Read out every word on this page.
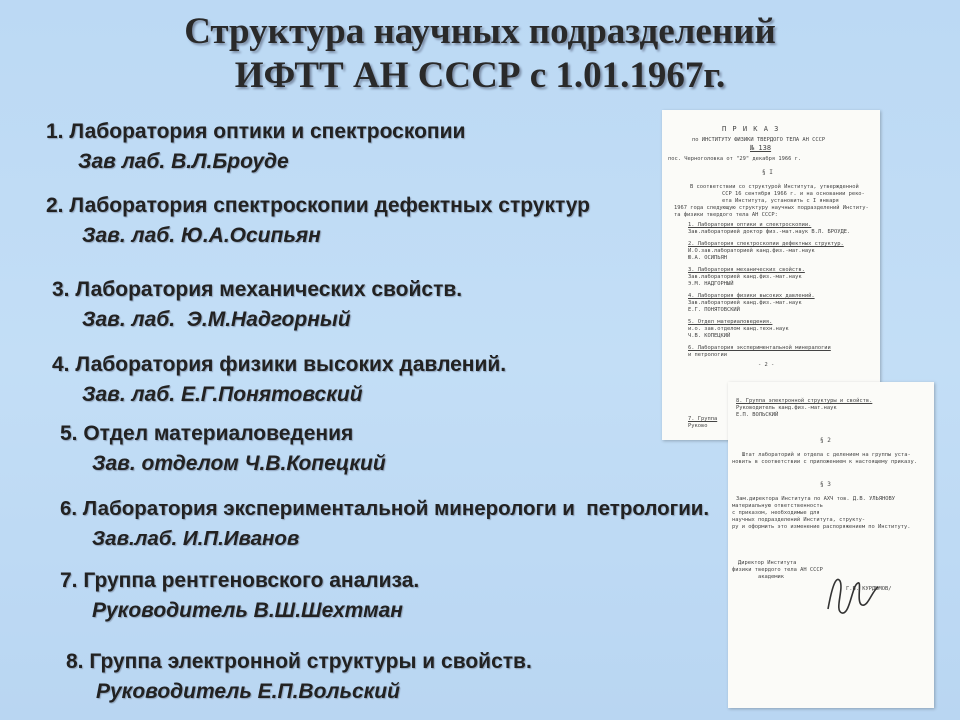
Структура научных подразделений
ИФТТ АН СССР с 1.01.1967г.
П Р И К А З
по ИНСТИТУТУ ФИЗИКИ ТВЕРДОГО ТЕЛА АН СССР
№ 138
пос. Черноголовка от "29" декабря 1966 г.
§ I
В соответствии со структурой Института, утвержденной
ССР 16 сентября 1966 г. и на основании реко-
ета Института, установить с I января
1967 года следующую структуру научных подразделений Институ-
та физики твердого тела АН СССР:
1. Лаборатория оптики и спектроскопии.
Зав.лабораторией доктор физ.-мат.наук В.Л. БРОУДЕ.
2. Лаборатория спектроскопии дефектных структур.
И.О.зав.лабораторией канд.физ.-мат.наук
Ю.А. ОСИПЬЯН
3. Лаборатория механических свойств.
Зав.лабораторией канд.физ.-мат.наук
Э.М. НАДГОРНЫЙ
4. Лаборатория физики высоких давлений.
Зав.лабораторией канд.физ.-мат.наук
Е.Г. ПОНЯТОВСКИЙ
5. Отдел материаловедения.
и.о. зав.отделом канд.техн.наук
Ч.В. КОПЕЦКИЙ
6. Лаборатория экспериментальной минералогии
и петрологии
- 2 -
7. Группа
Руково
8. Группа электронной структуры и свойств.
Руководитель канд.физ.-мат.наук
Е.П. ВОЛЬСКИЙ
§ 2
Штат лабораторий и отдела с делением на группы уста-
новить в соответствии с приложением к настоящему приказу.
§ 3
Зам.директора Института по АХЧ тов. Д.В. УЛЬЯНОВУ
материальную ответственность
с приказом, необходимые для
научных подразделений Института, структу-
ру и оформить это изменение распоряжением по Институту.
Директор Института
физики твердого тела АН СССР
академик
Г.В. КУРДЮМОВ/
1. Лаборатория оптики и спектроскопии
Зав лаб. В.Л.Броуде
2. Лаборатория спектроскопии дефектных структур
Зав. лаб. Ю.А.Осипьян
3. Лаборатория механических свойств.
Зав. лаб.  Э.М.Надгорный
4. Лаборатория физики высоких давлений.
Зав. лаб. Е.Г.Понятовский
5. Отдел материаловедения
Зав. отделом Ч.В.Копецкий
6. Лаборатория экспериментальной минерологи и  петрологии.
Зав.лаб. И.П.Иванов
7. Группа рентгеновского анализа.
Руководитель В.Ш.Шехтман
8. Группа электронной структуры и свойств.
Руководитель Е.П.Вольский
